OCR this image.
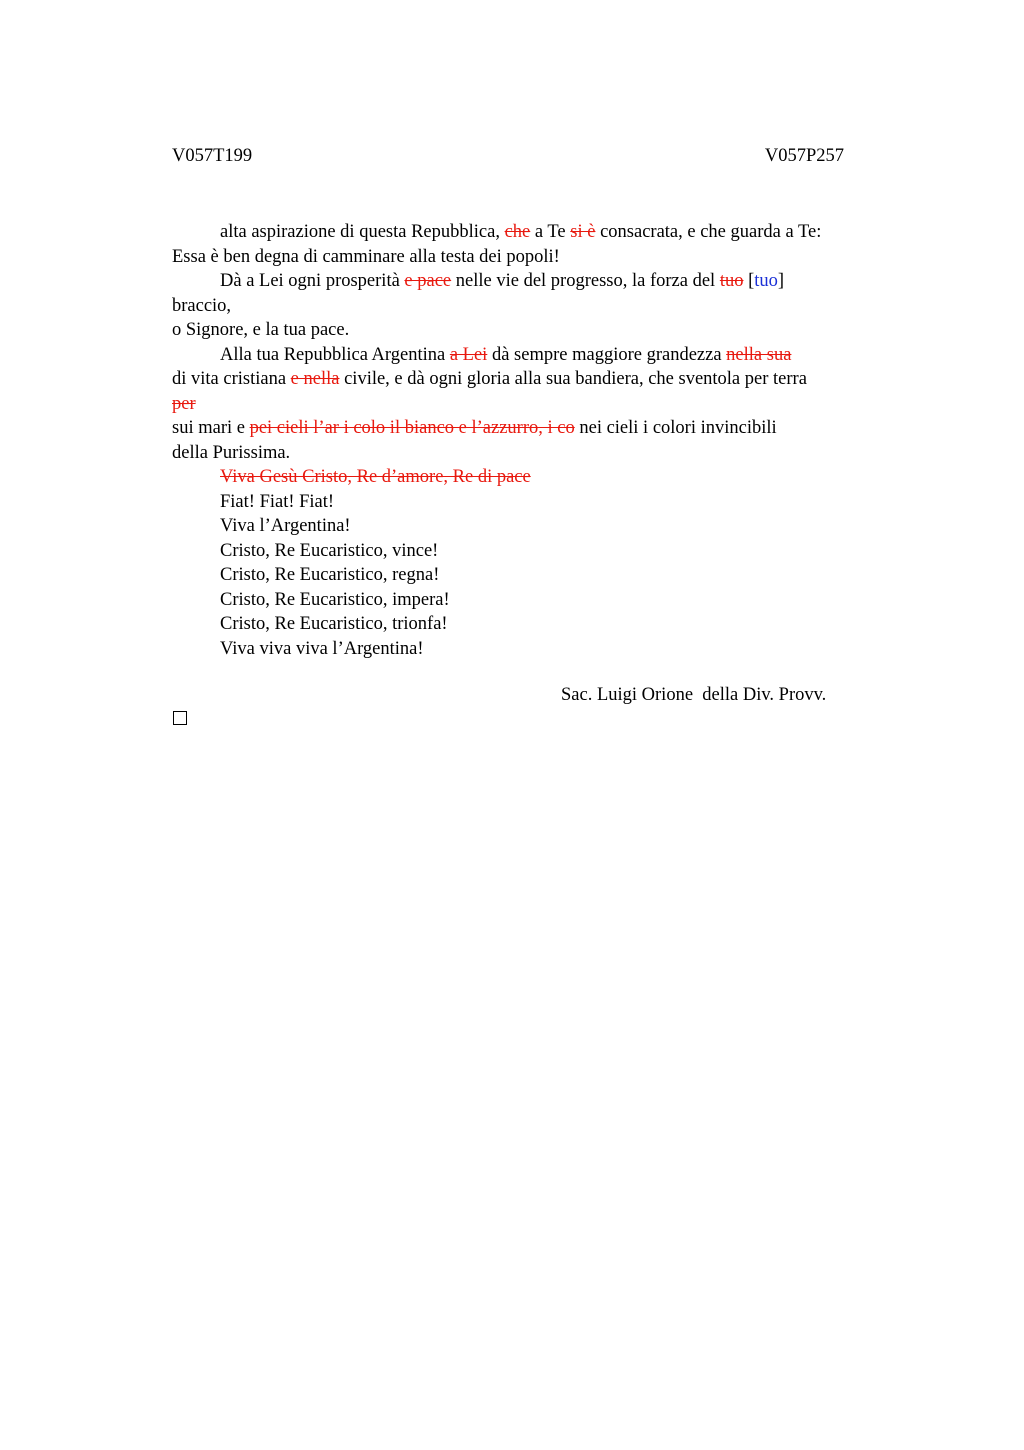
V057T199	V057P257
alta aspirazione di questa Repubblica, che a Te si è consacrata, e che guarda a Te:
Essa è ben degna di camminare alla testa dei popoli!
Dà a Lei ogni prosperità e pace nelle vie del progresso, la forza del tuo [tuo]
braccio,
o Signore, e la tua pace.
Alla tua Repubblica Argentina a Lei dà sempre maggiore grandezza nella sua
di vita cristiana e nella civile, e dà ogni gloria alla sua bandiera, che sventola per terra
per
sui mari e pei cieli l’ar i colo il bianco e l’azzurro, i co nei cieli i colori invincibili
della Purissima.
Viva Gesù Cristo, Re d’amore, Re di pace
Fiat! Fiat! Fiat!
Viva l’Argentina!
Cristo, Re Eucaristico, vince!
Cristo, Re Eucaristico, regna!
Cristo, Re Eucaristico, impera!
Cristo, Re Eucaristico, trionfa!
Viva viva viva l’Argentina!
Sac. Luigi Orione  della Div. Provv.
